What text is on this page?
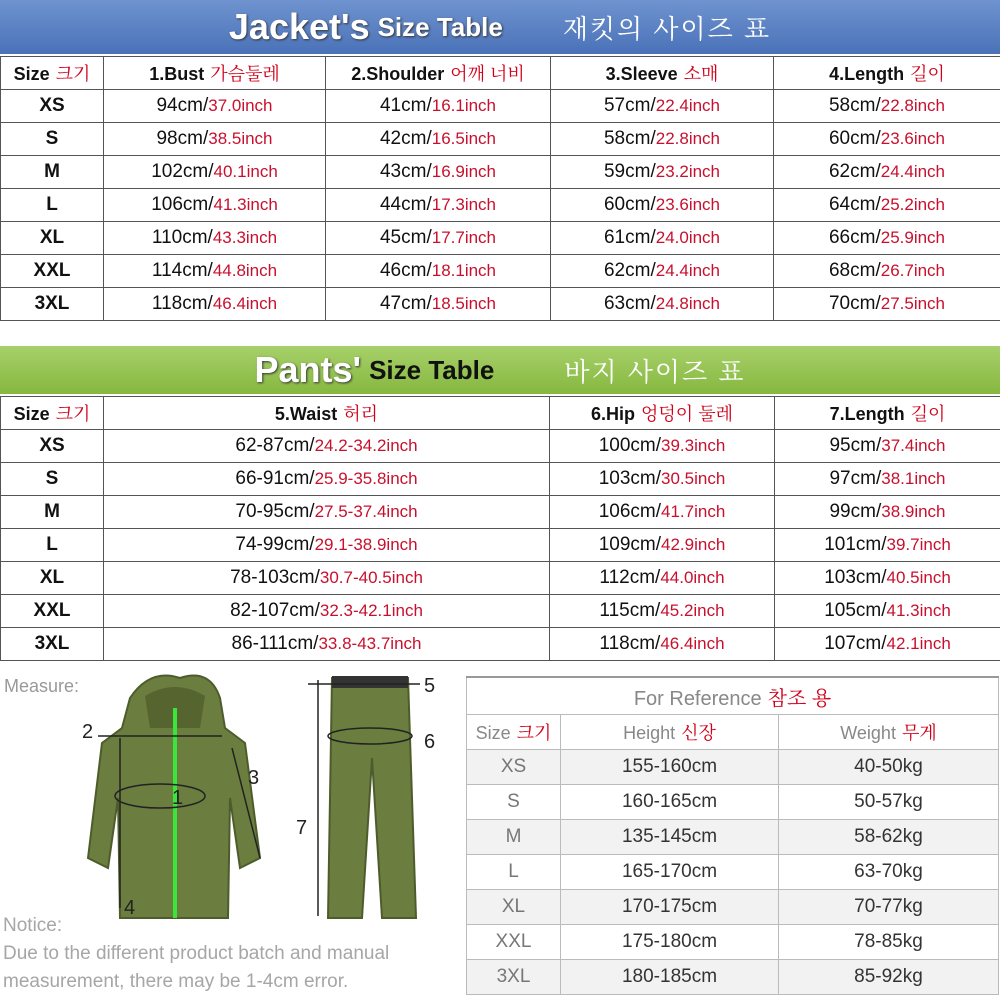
Jacket's Size Table 재킷의 사이즈 표
Size 크기	1.Bust 가슴둘레	2.Shoulder 어깨 너비	3.Sleeve 소매	4.Length 길이
XS	94cm/37.0inch	41cm/16.1inch	57cm/22.4inch	58cm/22.8inch
S	98cm/38.5inch	42cm/16.5inch	58cm/22.8inch	60cm/23.6inch
M	102cm/40.1inch	43cm/16.9inch	59cm/23.2inch	62cm/24.4inch
L	106cm/41.3inch	44cm/17.3inch	60cm/23.6inch	64cm/25.2inch
XL	110cm/43.3inch	45cm/17.7inch	61cm/24.0inch	66cm/25.9inch
XXL	114cm/44.8inch	46cm/18.1inch	62cm/24.4inch	68cm/26.7inch
3XL	118cm/46.4inch	47cm/18.5inch	63cm/24.8inch	70cm/27.5inch
Pants' Size Table	바지 사이즈 표
Size 크기	5.Waist 허리	6.Hip 엉덩이 둘레	7.Length 길이
XS	62-87cm/24.2-34.2inch	100cm/39.3inch	95cm/37.4inch
S	66-91cm/25.9-35.8inch	103cm/30.5inch	97cm/38.1inch
M	70-95cm/27.5-37.4inch	106cm/41.7inch	99cm/38.9inch
L	74-99cm/29.1-38.9inch	109cm/42.9inch	101cm/39.7inch
XL	78-103cm/30.7-40.5inch	112cm/44.0inch	103cm/40.5inch
XXL	82-107cm/32.3-42.1inch	115cm/45.2inch	105cm/41.3inch
3XL	86-111cm/33.8-43.7inch	118cm/46.4inch	107cm/42.1inch
Measure:
1
2
3
4
5
6
7
Notice:
Due to the different product batch and manual measurement, there may be 1-4cm error.
For Reference 참조 용		
Size 크기	Height 신장	Weight 무게
XS	155-160cm	40-50kg
S	160-165cm	50-57kg
M	135-145cm	58-62kg
L	165-170cm	63-70kg
XL	170-175cm	70-77kg
XXL	175-180cm	78-85kg
3XL	180-185cm	85-92kg
